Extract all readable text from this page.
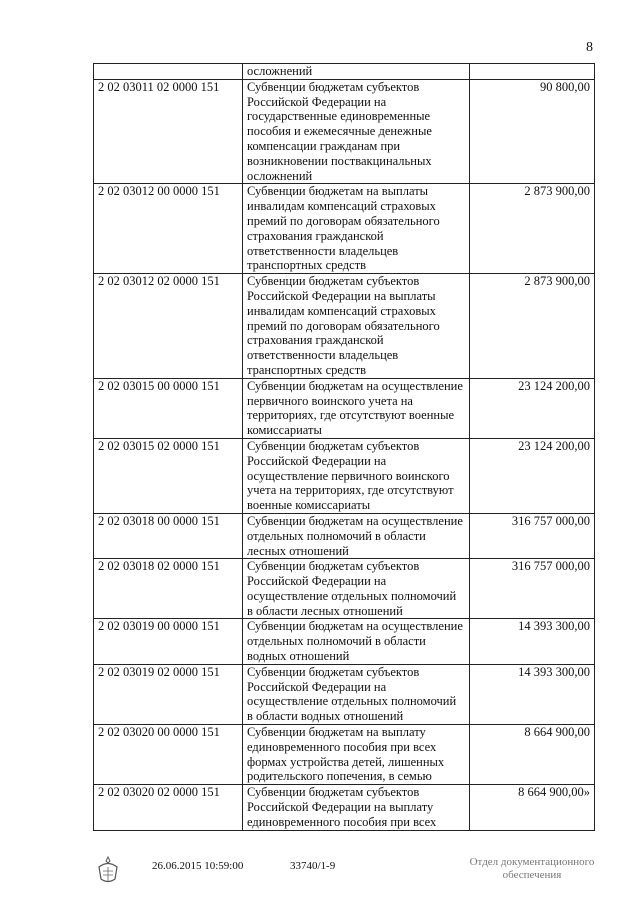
8
	осложнений	
2 02 03011 02 0000 151	Субвенции бюджетам субъектов Российской Федерации на государственные единовременные пособия и ежемесячные денежные компенсации гражданам при возникновении поствакцинальных осложнений	90 800,00
2 02 03012 00 0000 151	Субвенции бюджетам на выплаты инвалидам компенсаций страховых премий по договорам обязательного страхования гражданской ответственности владельцев транспортных средств	2 873 900,00
2 02 03012 02 0000 151	Субвенции бюджетам субъектов Российской Федерации на выплаты инвалидам компенсаций страховых премий по договорам обязательного страхования гражданской ответственности владельцев транспортных средств	2 873 900,00
2 02 03015 00 0000 151	Субвенции бюджетам на осуществление первичного воинского учета на территориях, где отсутствуют военные комиссариаты	23 124 200,00
2 02 03015 02 0000 151	Субвенции бюджетам субъектов Российской Федерации на осуществление первичного воинского учета на территориях, где отсутствуют военные комиссариаты	23 124 200,00
2 02 03018 00 0000 151	Субвенции бюджетам на осуществление отдельных полномочий в области лесных отношений	316 757 000,00
2 02 03018 02 0000 151	Субвенции бюджетам субъектов Российской Федерации на осуществление отдельных полномочий в области лесных отношений	316 757 000,00
2 02 03019 00 0000 151	Субвенции бюджетам на осуществление отдельных полномочий в области водных отношений	14 393 300,00
2 02 03019 02 0000 151	Субвенции бюджетам субъектов Российской Федерации на осуществление отдельных полномочий в области водных отношений	14 393 300,00
2 02 03020 00 0000 151	Субвенции бюджетам на выплату единовременного пособия при всех формах устройства детей, лишенных родительского попечения, в семью	8 664 900,00
2 02 03020 02 0000 151	Субвенции бюджетам субъектов Российской Федерации на выплату единовременного пособия при всех	8 664 900,00»
26.06.2015 10:59:00	33740/1-9	Отдел документационного
обеспечения
